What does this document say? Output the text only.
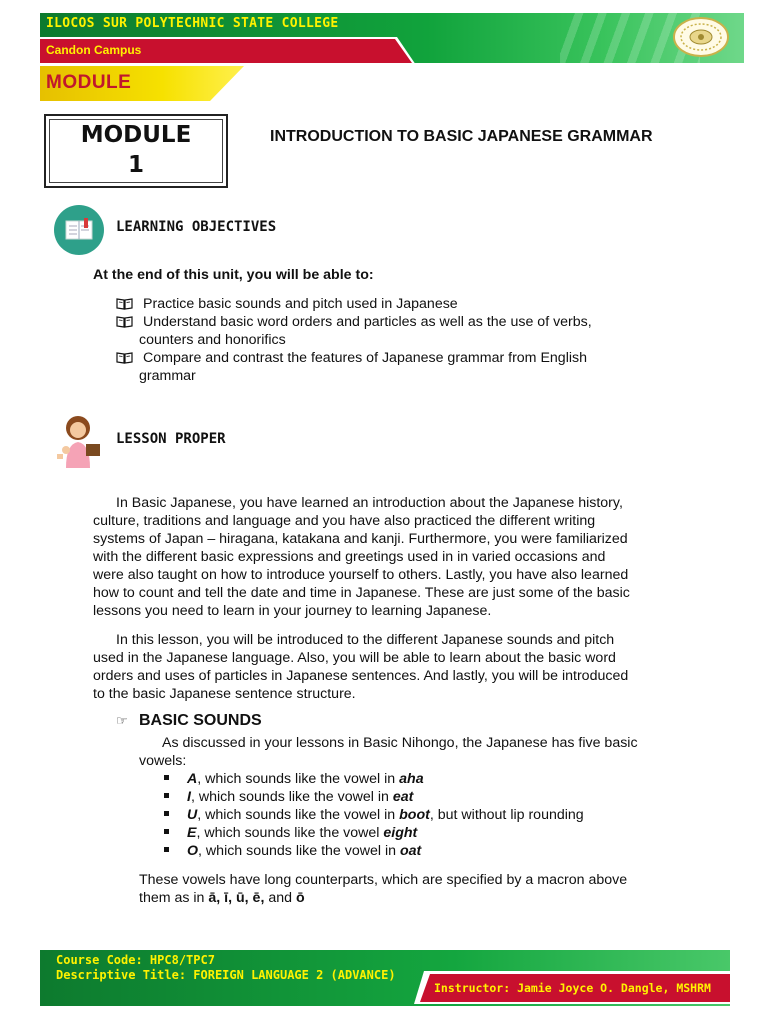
ILOCOS SUR POLYTECHNIC STATE COLLEGE
Candon Campus
MODULE
MODULE
1
INTRODUCTION TO BASIC JAPANESE GRAMMAR
LEARNING OBJECTIVES
At the end of this unit, you will be able to:
Practice basic sounds and pitch used in Japanese
Understand basic word orders and particles as well as the use of verbs,
counters and honorifics
Compare and contrast the features of Japanese grammar from English
grammar
LESSON PROPER
In Basic Japanese, you have learned an introduction about the Japanese history,
culture, traditions and language and you have also practiced the different writing
systems of Japan – hiragana, katakana and kanji. Furthermore, you were familiarized
with the different basic expressions and greetings used in in varied occasions and
were also taught on how to introduce yourself to others. Lastly, you have also learned
how to count and tell the date and time in Japanese. These are just some of the basic
lessons you need to learn in your journey to learning Japanese.
In this lesson, you will be introduced to the different Japanese sounds and pitch
used in the Japanese language. Also, you will be able to learn about the basic word
orders and uses of particles in Japanese sentences. And lastly, you will be introduced
to the basic Japanese sentence structure.
☞ BASIC SOUNDS
As discussed in your lessons in Basic Nihongo, the Japanese has five basic
vowels:
A, which sounds like the vowel in aha
I, which sounds like the vowel in eat
U, which sounds like the vowel in boot, but without lip rounding
E, which sounds like the vowel eight
O, which sounds like the vowel in oat
These vowels have long counterparts, which are specified by a macron above
them as in ā, ī, ū, ē, and ō
Course Code: HPC8/TPC7
Descriptive Title: FOREIGN LANGUAGE 2 (ADVANCE)
Instructor: Jamie Joyce O. Dangle, MSHRM
